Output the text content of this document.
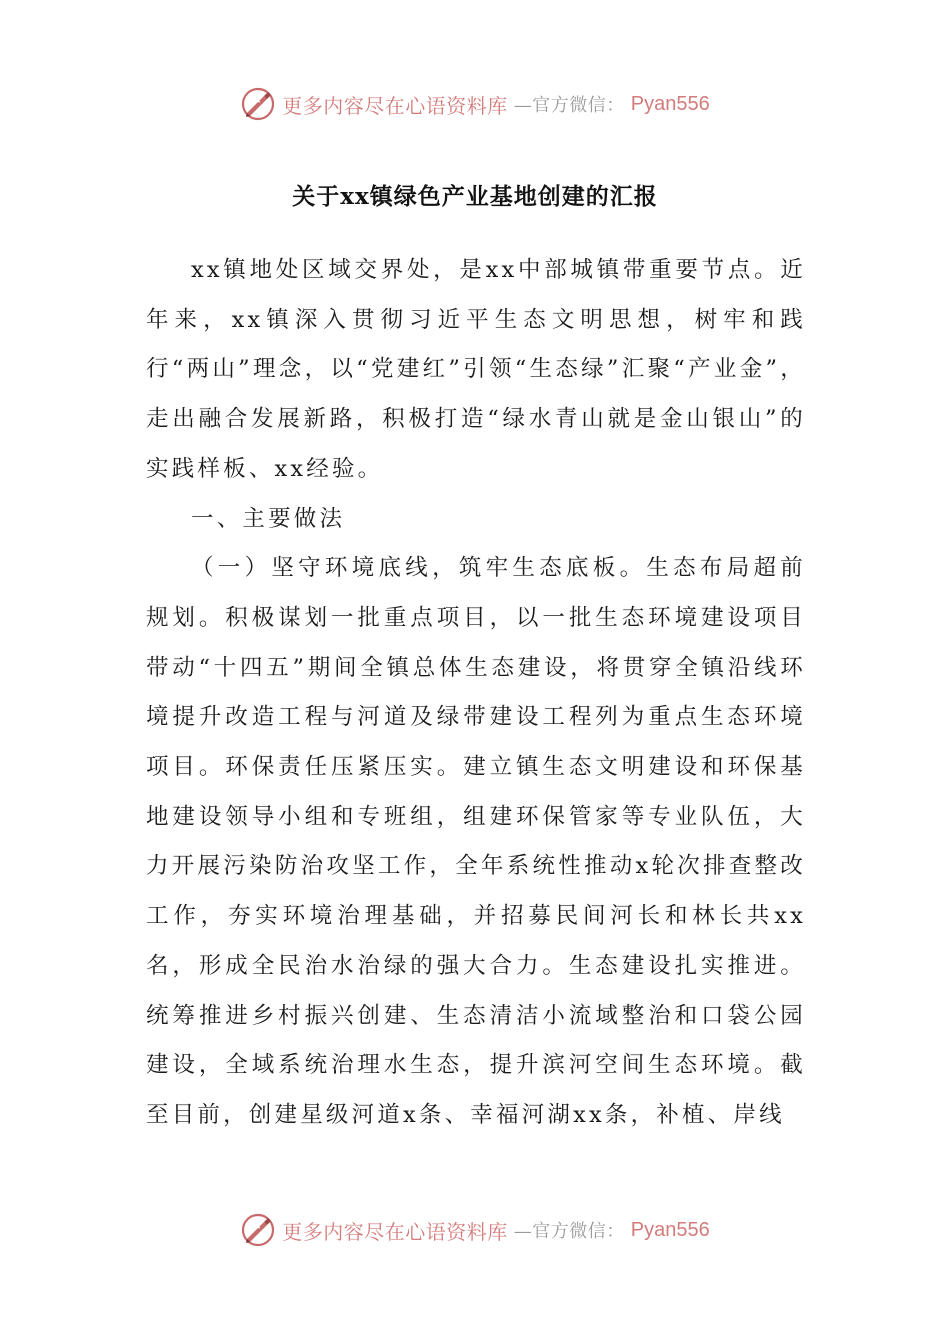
更多内容尽在心语资料库 —官方微信： Pyan556
关于xx镇绿色产业基地创建的汇报

xx镇地处区域交界处，是xx中部城镇带重要节点。近年来，xx镇深入贯彻习近平生态文明思想，树牢和践行“两山”理念，以“党建红”引领“生态绿”汇聚“产业金”，走出融合发展新路，积极打造“绿水青山就是金山银山”的实践样板、xx经验。

一、主要做法

（一）坚守环境底线，筑牢生态底板。生态布局超前规划。积极谋划一批重点项目，以一批生态环境建设项目带动“十四五”期间全镇总体生态建设，将贯穿全镇沿线环境提升改造工程与河道及绿带建设工程列为重点生态环境项目。环保责任压紧压实。建立镇生态文明建设和环保基地建设领导小组和专班组，组建环保管家等专业队伍，大力开展污染防治攻坚工作，全年系统性推动x轮次排查整改工作，夯实环境治理基础，并招募民间河长和林长共xx名，形成全民治水治绿的强大合力。生态建设扎实推进。统筹推进乡村振兴创建、生态清洁小流域整治和口袋公园建设，全域系统治理水生态，提升滨河空间生态环境。截至目前，创建星级河道x条、幸福河湖xx条，补植、岸线

更多内容尽在心语资料库 —官方微信： Pyan556
